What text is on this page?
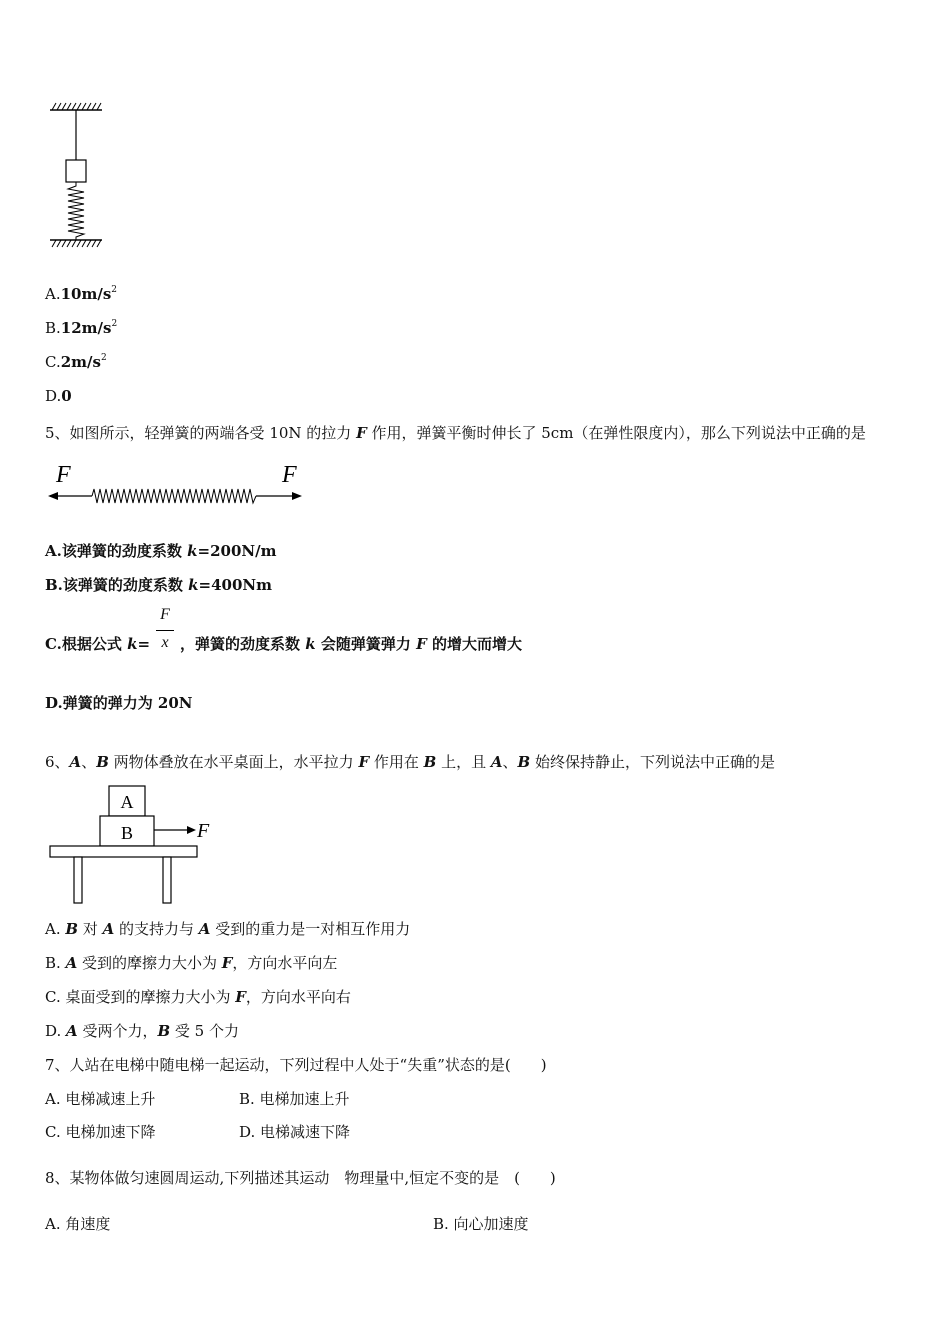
$A.10m/s^2$
$B.12m/s^2$
$C.2m/s^2$
D.0
5、如图所示，轻弹簧的两端各受 10N 的拉力 F 作用，弹簧平衡时伸长了 5cm（在弹性限度内），那么下列说法中正确的是
F	F
A.该弹簧的劲度系数 k=200N/m
B.该弹簧的劲度系数 k=400Nm
C.根据公式 k=
F
x ，弹簧的劲度系数 k 会随弹簧弹力 F 的增大而增大
D.弹簧的弹力为 20N
6、A、B 两物体叠放在水平桌面上，水平拉力 F 作用在 B 上，且 A、B 始终保持静止，下列说法中正确的是
A
B	F
A. B 对 A 的支持力与 A 受到的重力是一对相互作用力
B. A 受到的摩擦力大小为 F，方向水平向左
C. 桌面受到的摩擦力大小为 F，方向水平向右
D. A 受两个力，B 受 5 个力
7、人站在电梯中随电梯一起运动，下列过程中人处于“失重”状态的是(　　)
A. 电梯减速上升	B. 电梯加速上升
C. 电梯加速下降	D. 电梯减速下降
8、某物体做匀速圆周运动,下列描述其运动　物理量中,恒定不变的是　(　　)
A. 角速度	B. 向心加速度
